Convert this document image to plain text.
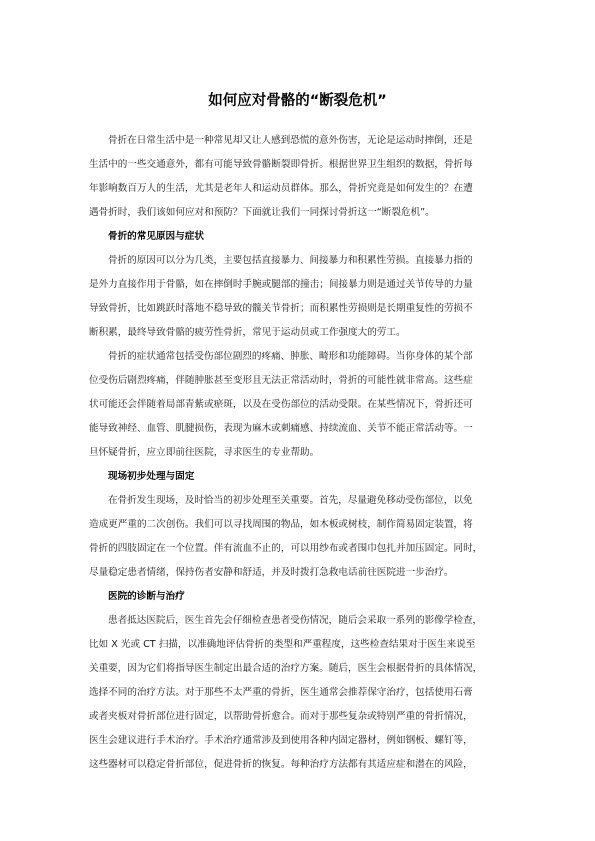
如何应对骨骼的“断裂危机”
骨折在日常生活中是一种常见却又让人感到恐慌的意外伤害，无论是运动时摔倒，还是
生活中的一些交通意外，都有可能导致骨骼断裂即骨折。根据世界卫生组织的数据，骨折每
年影响数百万人的生活，尤其是老年人和运动员群体。那么，骨折究竟是如何发生的？在遭
遇骨折时，我们该如何应对和预防？下面就让我们一同探讨骨折这一“断裂危机”。
骨折的常见原因与症状
骨折的原因可以分为几类，主要包括直接暴力、间接暴力和积累性劳损。直接暴力指的
是外力直接作用于骨骼，如在摔倒时手腕或腿部的撞击；间接暴力则是通过关节传导的力量
导致骨折，比如跳跃时落地不稳导致的髋关节骨折；而积累性劳损则是长期重复性的劳损不
断积累，最终导致骨骼的疲劳性骨折，常见于运动员或工作强度大的劳工。
骨折的症状通常包括受伤部位剧烈的疼痛、肿胀、畸形和功能障碍。当你身体的某个部
位受伤后剧烈疼痛，伴随肿胀甚至变形且无法正常活动时，骨折的可能性就非常高。这些症
状可能还会伴随着局部青紫或瘀斑，以及在受伤部位的活动受限。在某些情况下，骨折还可
能导致神经、血管、肌腱损伤，表现为麻木或刺痛感、持续流血、关节不能正常活动等。一
旦怀疑骨折，应立即前往医院，寻求医生的专业帮助。
现场初步处理与固定
在骨折发生现场，及时恰当的初步处理至关重要。首先，尽量避免移动受伤部位，以免
造成更严重的二次创伤。我们可以寻找周围的物品，如木板或树枝，制作简易固定装置，将
骨折的四肢固定在一个位置。伴有流血不止的，可以用纱布或者围巾包扎并加压固定。同时，
尽量稳定患者情绪，保持伤者安静和舒适，并及时拨打急救电话前往医院进一步治疗。
医院的诊断与治疗
患者抵达医院后，医生首先会仔细检查患者受伤情况，随后会采取一系列的影像学检查，
比如 X 光或 CT 扫描，以准确地评估骨折的类型和严重程度，这些检查结果对于医生来说至
关重要，因为它们将指导医生制定出最合适的治疗方案。随后，医生会根据骨折的具体情况，
选择不同的治疗方法。对于那些不太严重的骨折，医生通常会推荐保守治疗，包括使用石膏
或者夹板对骨折部位进行固定，以帮助骨折愈合。而对于那些复杂或特别严重的骨折情况，
医生会建议进行手术治疗。手术治疗通常涉及到使用各种内固定器材，例如钢板、螺钉等，
这些器材可以稳定骨折部位，促进骨折的恢复。每种治疗方法都有其适应症和潜在的风险，
